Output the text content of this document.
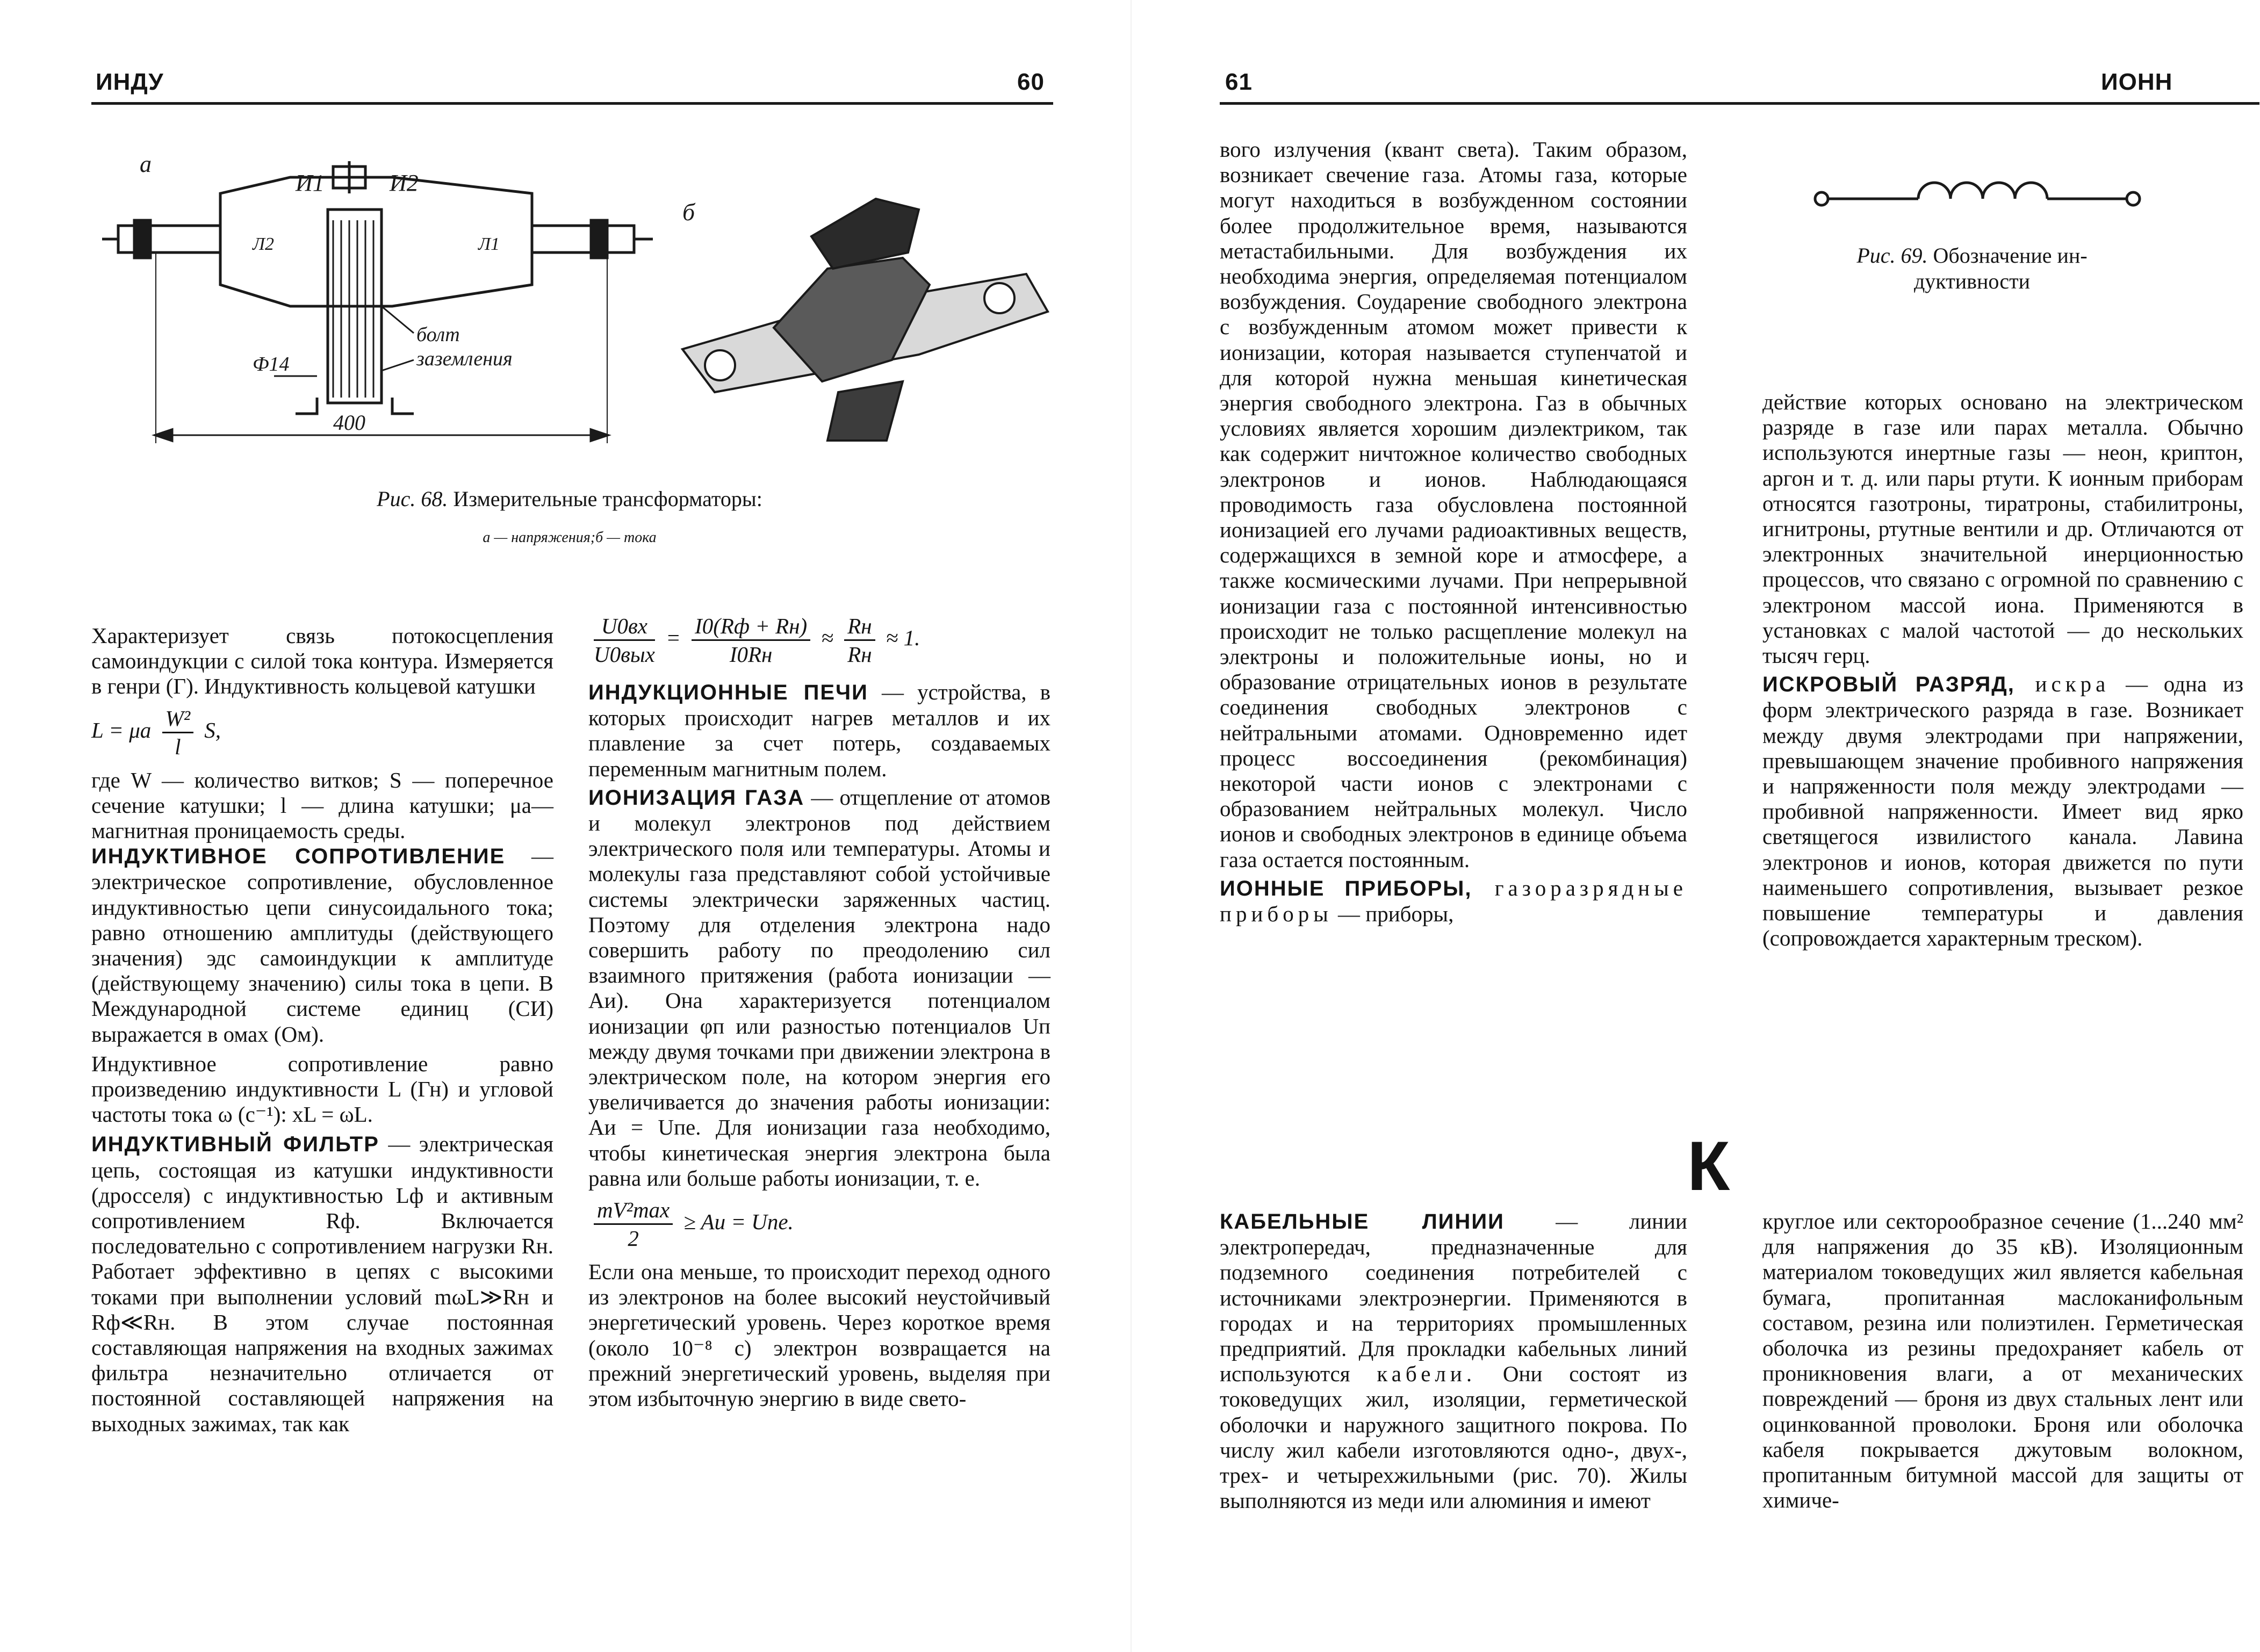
ИНДУ	60
а
И1	И2
Л2	Л1
болт
заземления
Ф14
400
б
Рис. 68. Измерительные трансформаторы:
а — напряжения;б — тока

Характеризует связь потокосцепления самоиндукции с силой тока контура. Измеряется в генри (Г). Индуктивность кольцевой катушки

L = μa $\frac{\text{W²}}{l} S$,

где W — количество витков; S — поперечное сечение катушки; l — длина катушки; μa— магнитная проницаемость среды.

ИНДУКТИВНОЕ СОПРОТИВЛЕНИЕ — электрическое сопротивление, обусловленное индуктивностью цепи синусоидального тока; равно отношению амплитуды (действующего значения) эдс самоиндукции к амплитуде (действующему значению) силы тока в цепи. В Международной системе единиц (СИ) выражается в омах (Ом).

Индуктивное сопротивление равно произведению индуктивности L (Гн) и угловой частоты тока ω (с⁻¹): xL = ωL.

ИНДУКТИВНЫЙ ФИЛЬТР — электрическая цепь, состоящая из катушки индуктивности (дросселя) с индуктивностью Lф и активным сопротивлением Rф. Включается последовательно с сопротивлением нагрузки Rн. Работает эффективно в цепях с высокими токами при выполнении условий mωL≫Rн и Rф≪Rн. В этом случае постоянная составляющая напряжения на входных зажимах фильтра незначительно отличается от постоянной составляющей напряжения на выходных зажимах, так как

$\frac{U0вх}{\text{U0вых}} = \frac{I0(Rф + Rн)}{I0Rн} \approx \frac{Rн}{Rн} \approx 1$.

ИНДУКЦИОННЫЕ ПЕЧИ — устройства, в которых происходит нагрев металлов и их плавление за счет потерь, создаваемых переменным магнитным полем.

ИОНИЗАЦИЯ ГАЗА — отщепление от атомов и молекул электронов под действием электрического поля или температуры. Атомы и молекулы газа представляют собой устойчивые системы электрически заряженных частиц. Поэтому для отделения электрона надо совершить работу по преодолению сил взаимного притяжения (работа ионизации — Aи). Она характеризуется потенциалом ионизации φп или разностью потенциалов Uп между двумя точками при движении электрона в электрическом поле, на котором энергия его увеличивается до значения работы ионизации: Aи = Uпe. Для ионизации газа необходимо, чтобы кинетическая энергия электрона была равна или больше работы ионизации, т. е.

$\frac{\text{mV²max}}{2}$ ≥ Aи = Uпe.

Если она меньше, то происходит переход одного из электронов на более высокий неустойчивый энергетический уровень. Через короткое время (около 10⁻⁸ с) электрон возвращается на прежний энергетический уровень, выделяя при этом избыточную энергию в виде свето-

61	ИОНН

вого излучения (квант света). Таким образом, возникает свечение газа. Атомы газа, которые могут находиться в возбужденном состоянии более продолжительное время, называются метастабильными. Для возбуждения их необходима энергия, определяемая потенциалом возбуждения. Соударение свободного электрона с возбужденным атомом может привести к ионизации, которая называется ступенчатой и для которой нужна меньшая кинетическая энергия свободного электрона. Газ в обычных условиях является хорошим диэлектриком, так как содержит ничтожное количество свободных электронов и ионов. Наблюдающаяся проводимость газа обусловлена постоянной ионизацией его лучами радиоактивных веществ, содержащихся в земной коре и атмосфере, а также космическими лучами. При непрерывной ионизации газа с постоянной интенсивностью происходит не только расщепление молекул на электроны и положительные ионы, но и образование отрицательных ионов в результате соединения свободных электронов с нейтральными атомами. Одновременно идет процесс воссоединения (рекомбинация) некоторой части ионов с электронами с образованием нейтральных молекул. Число ионов и свободных электронов в единице объема газа остается постоянным.

ИОННЫЕ ПРИБОРЫ, газоразрядные приборы — приборы,

Рис. 69. Обозначение ин-
дуктивности

действие которых основано на электрическом разряде в газе или парах металла. Обычно используются инертные газы — неон, криптон, аргон и т. д. или пары ртути. К ионным приборам относятся газотроны, тиратроны, стабилитроны, игнитроны, ртутные вентили и др. Отличаются от электронных значительной инерционностью процессов, что связано с огромной по сравнению с электроном массой иона. Применяются в установках с малой частотой — до нескольких тысяч герц.

ИСКРОВЫЙ РАЗРЯД, искра — одна из форм электрического разряда в газе. Возникает между двумя электродами при напряжении, превышающем значение пробивного напряжения и напряженности поля между электродами — пробивной напряженности. Имеет вид ярко светящегося извилистого канала. Лавина электронов и ионов, которая движется по пути наименьшего сопротивления, вызывает резкое повышение температуры и давления (сопровождается характерным треском).

К

КАБЕЛЬНЫЕ ЛИНИИ — линии электропередач, предназначенные для подземного соединения потребителей с источниками электроэнергии. Применяются в городах и на территориях промышленных предприятий. Для прокладки кабельных линий используются кабели. Они состоят из токоведущих жил, изоляции, герметической оболочки и наружного защитного покрова. По числу жил кабели изготовляются одно-, двух-, трех- и четырехжильными (рис. 70). Жилы выполняются из меди или алюминия и имеют

круглое или секторообразное сечение (1...240 мм² для напряжения до 35 кВ). Изоляционным материалом токоведущих жил является кабельная бумага, пропитанная маслоканифольным составом, резина или полиэтилен. Герметическая оболочка из резины предохраняет кабель от проникновения влаги, а от механических повреждений — броня из двух стальных лент или оцинкованной проволоки. Броня или оболочка кабеля покрывается джутовым волокном, пропитанным битумной массой для защиты от химиче-
